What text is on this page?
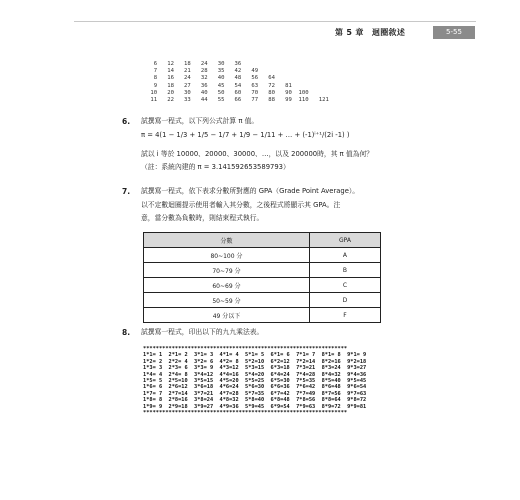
第 5 章　迴圈敘述	5-55
6   12   18   24   30   36
7   14   21   28   35   42   49
8   16   24   32   40   48   56   64
9   18   27   36   45   54   63   72   81
10   20   30   40   50   60   70   80   90  100
11   22   33   44   55   66   77   88   99  110   121
6. 試撰寫一程式，以下列公式計算 π 值。
π = 4(1 − 1/3 + 1/5 − 1/7 + 1/9 − 1/11 + … + (-1)ⁱ⁺¹/(2i -1) )
試以 i 等於 10000、20000、30000、…，以及 200000時，其 π 值為何？
（註：系統內建的 π = 3.141592653589793）
7. 試撰寫一程式，依下表求分數所對應的 GPA（Grade Point Average）。
以不定數迴圈提示使用者輸入其分數，之後程式將顯示其 GPA。注
意，當分數為負數時，則結束程式執行。
分數	GPA
80~100 分	A
70~79 分	B
60~69 分	C
50~59 分	D
49 分以下	F
8. 試撰寫一程式，印出以下的九九乘法表。
****************************************************************
1*1= 1  2*1= 2  3*1= 3  4*1= 4  5*1= 5  6*1= 6  7*1= 7  8*1= 8  9*1= 9
1*2= 2  2*2= 4  3*2= 6  4*2= 8  5*2=10  6*2=12  7*2=14  8*2=16  9*2=18
1*3= 3  2*3= 6  3*3= 9  4*3=12  5*3=15  6*3=18  7*3=21  8*3=24  9*3=27
1*4= 4  2*4= 8  3*4=12  4*4=16  5*4=20  6*4=24  7*4=28  8*4=32  9*4=36
1*5= 5  2*5=10  3*5=15  4*5=20  5*5=25  6*5=30  7*5=35  8*5=40  9*5=45
1*6= 6  2*6=12  3*6=18  4*6=24  5*6=30  6*6=36  7*6=42  8*6=48  9*6=54
1*7= 7  2*7=14  3*7=21  4*7=28  5*7=35  6*7=42  7*7=49  8*7=56  9*7=63
1*8= 8  2*8=16  3*8=24  4*8=32  5*8=40  6*8=48  7*8=56  8*8=64  9*8=72
1*9= 9  2*9=18  3*9=27  4*9=36  5*9=45  6*9=54  7*9=63  8*9=72  9*9=81
****************************************************************
